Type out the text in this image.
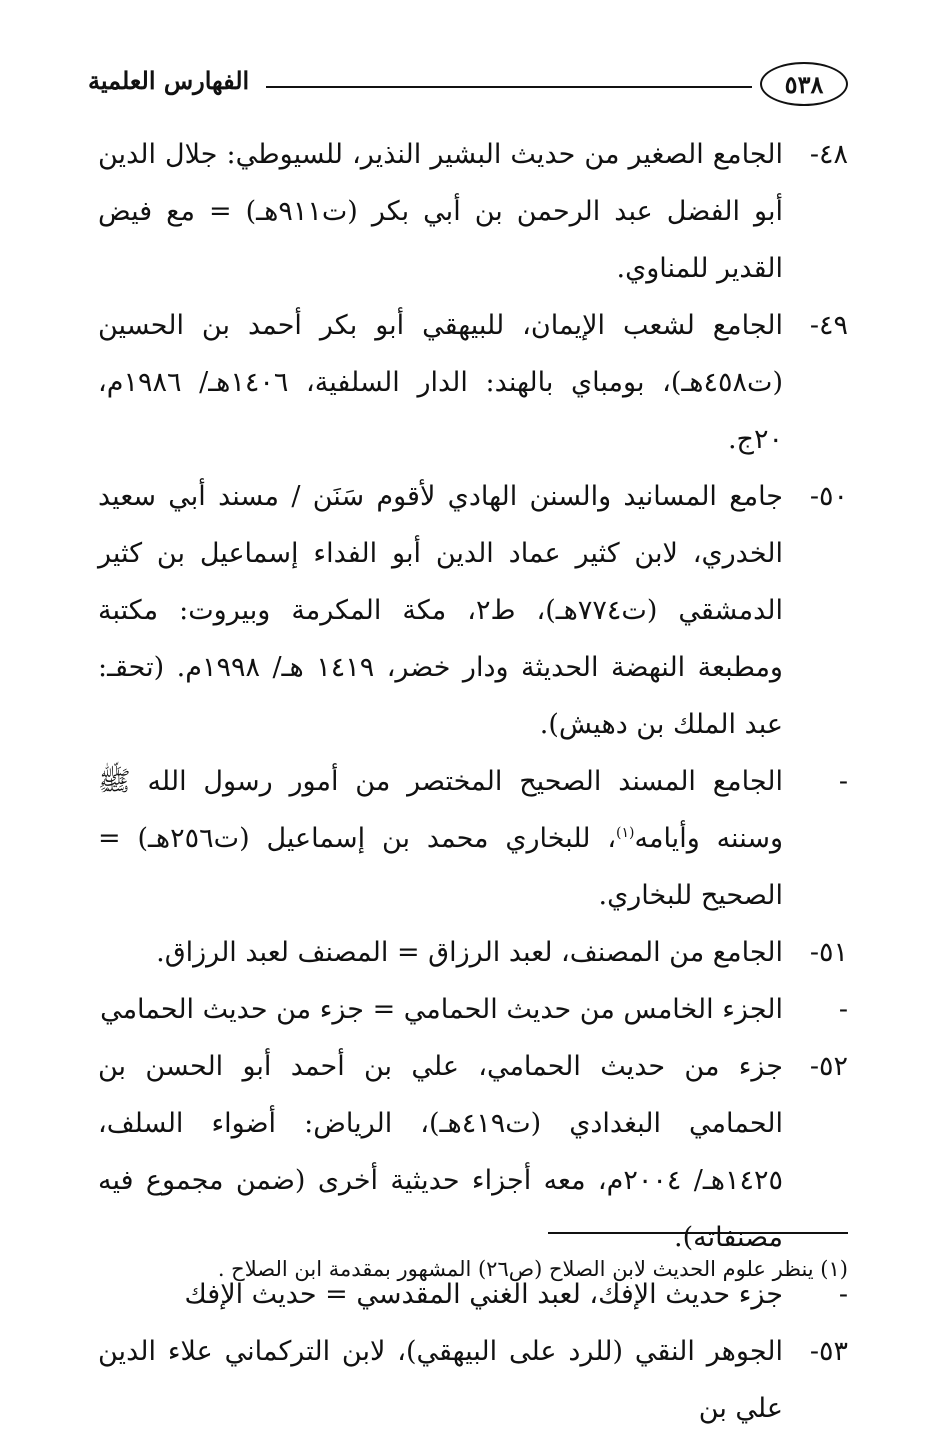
٥٣٨
الفهارس العلمية
٤٨-
الجامع الصغير من حديث البشير النذير، للسيوطي: جلال الدين أبو الفضل عبد الرحمن بن أبي بكر (ت٩١١هـ) = مع فيض القدير للمناوي.
٤٩-
الجامع لشعب الإيمان، للبيهقي أبو بكر أحمد بن الحسين (ت٤٥٨هـ)، بومباي بالهند: الدار السلفية، ١٤٠٦هـ/ ١٩٨٦م، ٢٠ج.
٥٠-
جامع المسانيد والسنن الهادي لأقوم سَنَن / مسند أبي سعيد الخدري، لابن كثير عماد الدين أبو الفداء إسماعيل بن كثير الدمشقي (ت٧٧٤هـ)، ط٢، مكة المكرمة وبيروت: مكتبة ومطبعة النهضة الحديثة ودار خضر، ١٤١٩ هـ/ ١٩٩٨م. (تحقـ: عبد الملك بن دهيش).
-
الجامع المسند الصحيح المختصر من أمور رسول الله ﷺ وسننه وأيامه$^{(١)}$، للبخاري محمد بن إسماعيل (ت٢٥٦هـ) = الصحيح للبخاري.
٥١-
الجامع من المصنف، لعبد الرزاق = المصنف لعبد الرزاق.
-
الجزء الخامس من حديث الحمامي = جزء من حديث الحمامي
٥٢-
جزء من حديث الحمامي، علي بن أحمد أبو الحسن بن الحمامي البغدادي (ت٤١٩هـ)، الرياض: أضواء السلف، ١٤٢٥هـ/ ٢٠٠٤م، معه أجزاء حديثية أخرى (ضمن مجموع فيه مصنفاته).
-
جزء حديث الإفك، لعبد الغني المقدسي = حديث الإفك
٥٣-
الجوهر النقي (للرد على البيهقي)، لابن التركماني علاء الدين علي بن
(١) ينظر علوم الحديث لابن الصلاح (ص٢٦) المشهور بمقدمة ابن الصلاح .
